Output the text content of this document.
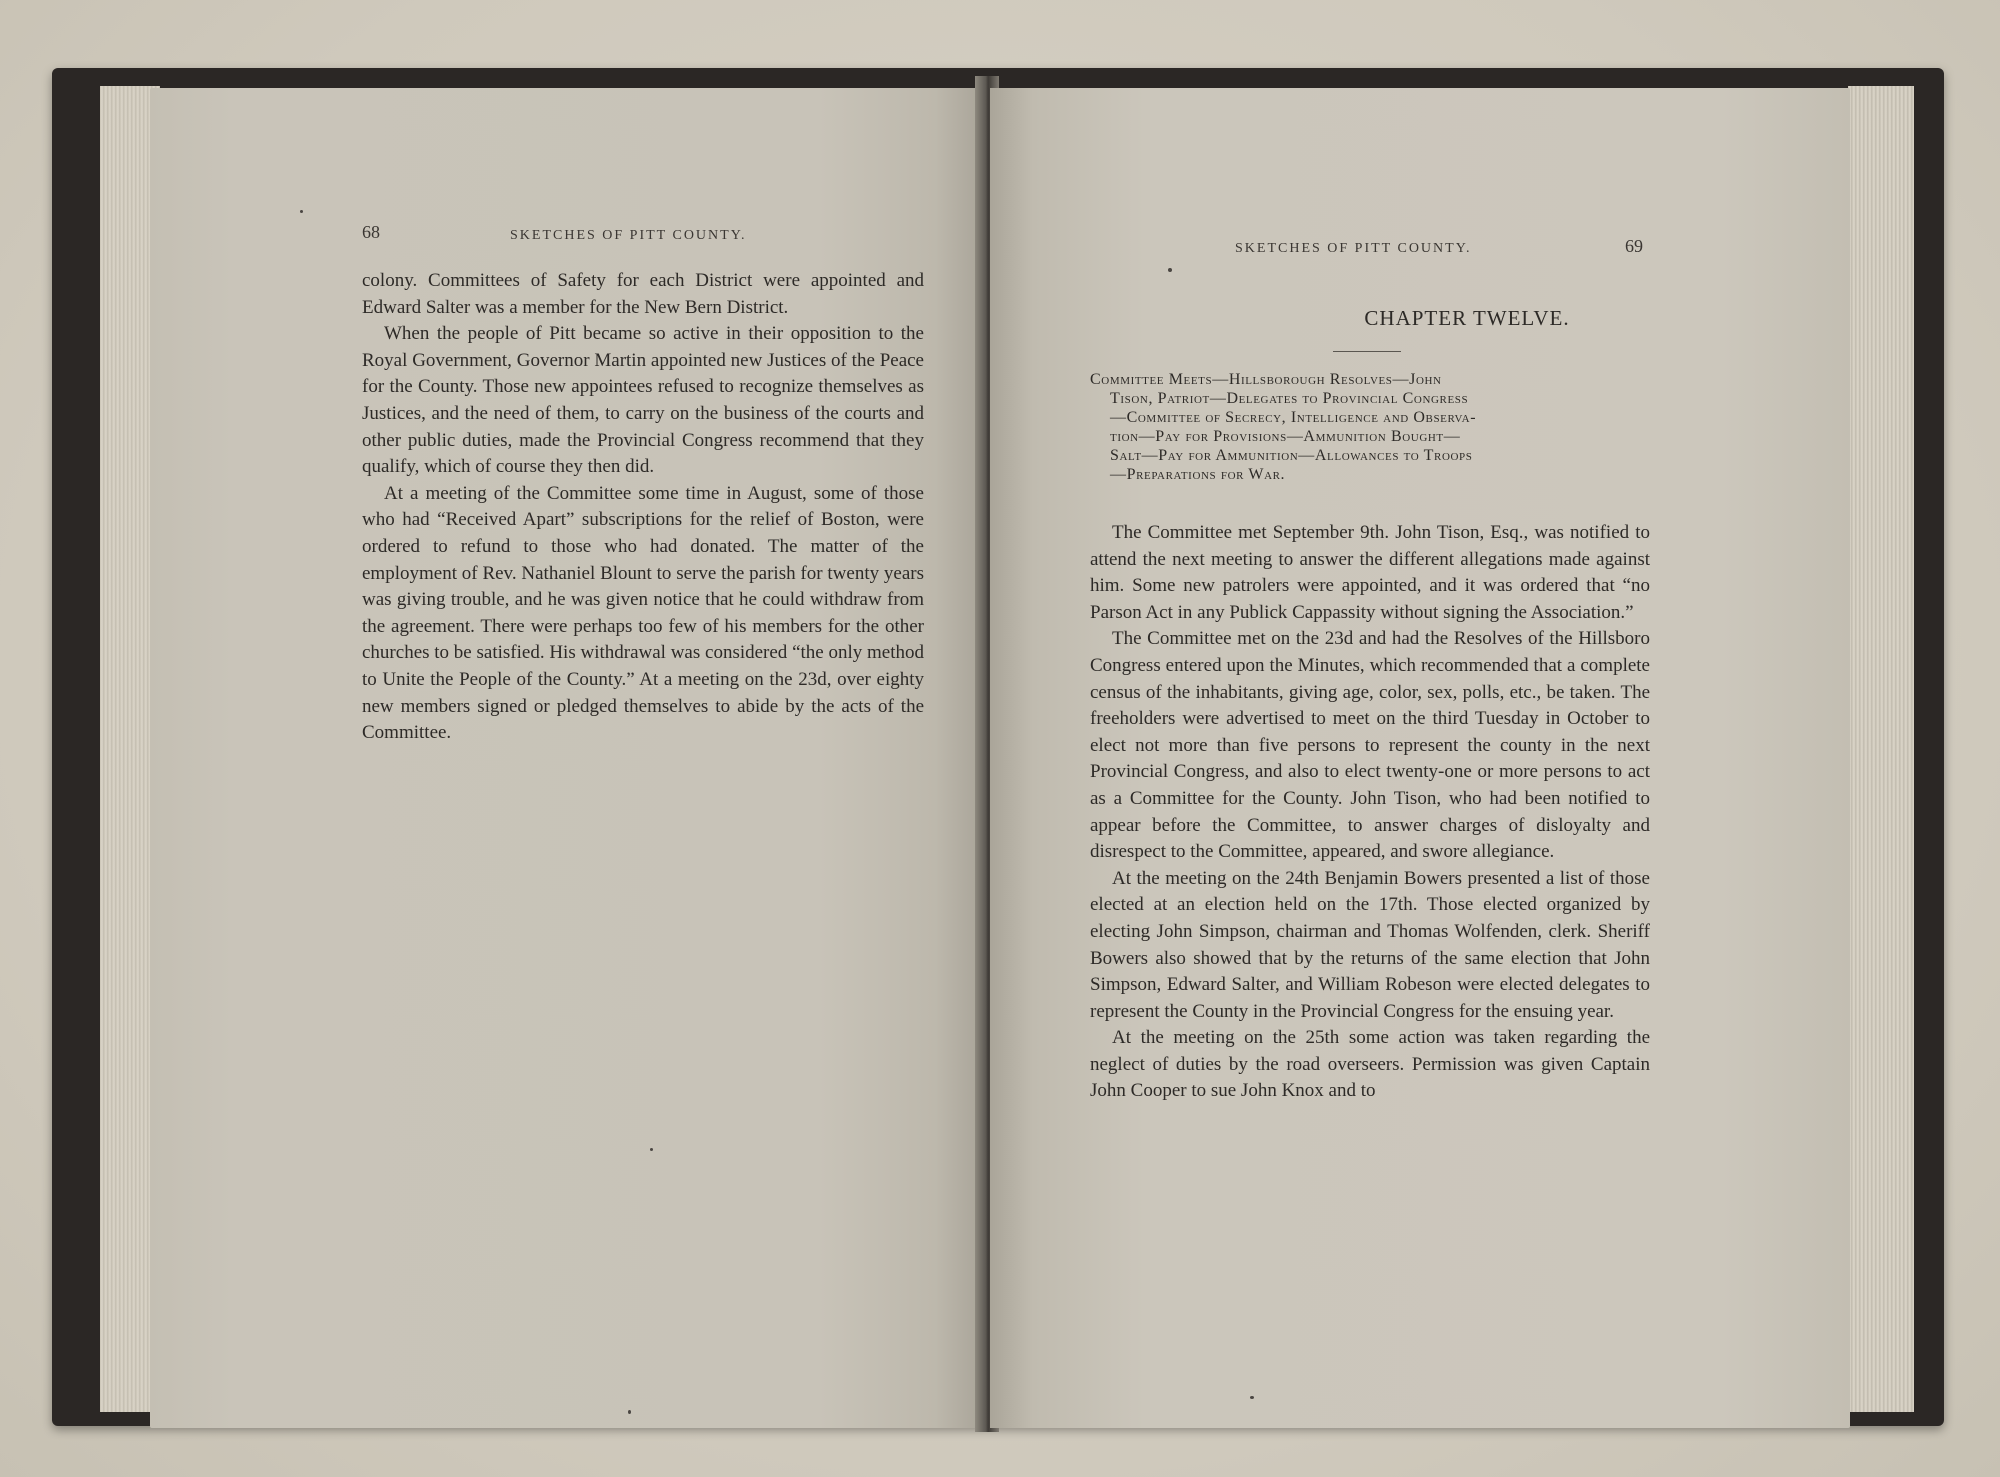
68	SKETCHES OF PITT COUNTY.

colony. Committees of Safety for each District were appointed and Edward Salter was a member for the New Bern District.

When the people of Pitt became so active in their opposition to the Royal Government, Governor Martin appointed new Justices of the Peace for the County. Those new appointees refused to recognize themselves as Justices, and the need of them, to carry on the business of the courts and other public duties, made the Provincial Congress recommend that they qualify, which of course they then did.

At a meeting of the Committee some time in August, some of those who had “Received Apart” subscriptions for the relief of Boston, were ordered to refund to those who had donated. The matter of the employment of Rev. Nathaniel Blount to serve the parish for twenty years was giving trouble, and he was given notice that he could withdraw from the agreement. There were perhaps too few of his members for the other churches to be satisfied. His withdrawal was considered “the only method to Unite the People of the County.” At a meeting on the 23d, over eighty new members signed or pledged themselves to abide by the acts of the Committee.

SKETCHES OF PITT COUNTY.	69
CHAPTER TWELVE.
Committee Meets—Hillsborough Resolves—John
Tison, Patriot—Delegates to Provincial Congress
—Committee of Secrecy, Intelligence and Observa-
tion—Pay for Provisions—Ammunition Bought—
Salt—Pay for Ammunition—Allowances to Troops
—Preparations for War.

The Committee met September 9th. John Tison, Esq., was notified to attend the next meeting to answer the different allegations made against him. Some new patrolers were appointed, and it was ordered that “no Parson Act in any Publick Cappassity without signing the Association.”

The Committee met on the 23d and had the Resolves of the Hillsboro Congress entered upon the Minutes, which recommended that a complete census of the inhabitants, giving age, color, sex, polls, etc., be taken. The freeholders were advertised to meet on the third Tuesday in October to elect not more than five persons to represent the county in the next Provincial Congress, and also to elect twenty-one or more persons to act as a Committee for the County. John Tison, who had been notified to appear before the Committee, to answer charges of disloyalty and disrespect to the Committee, appeared, and swore allegiance.

At the meeting on the 24th Benjamin Bowers presented a list of those elected at an election held on the 17th. Those elected organized by electing John Simpson, chairman and Thomas Wolfenden, clerk. Sheriff Bowers also showed that by the returns of the same election that John Simpson, Edward Salter, and William Robeson were elected delegates to represent the County in the Provincial Congress for the ensuing year.

At the meeting on the 25th some action was taken regarding the neglect of duties by the road overseers. Permission was given Captain John Cooper to sue John Knox and to
